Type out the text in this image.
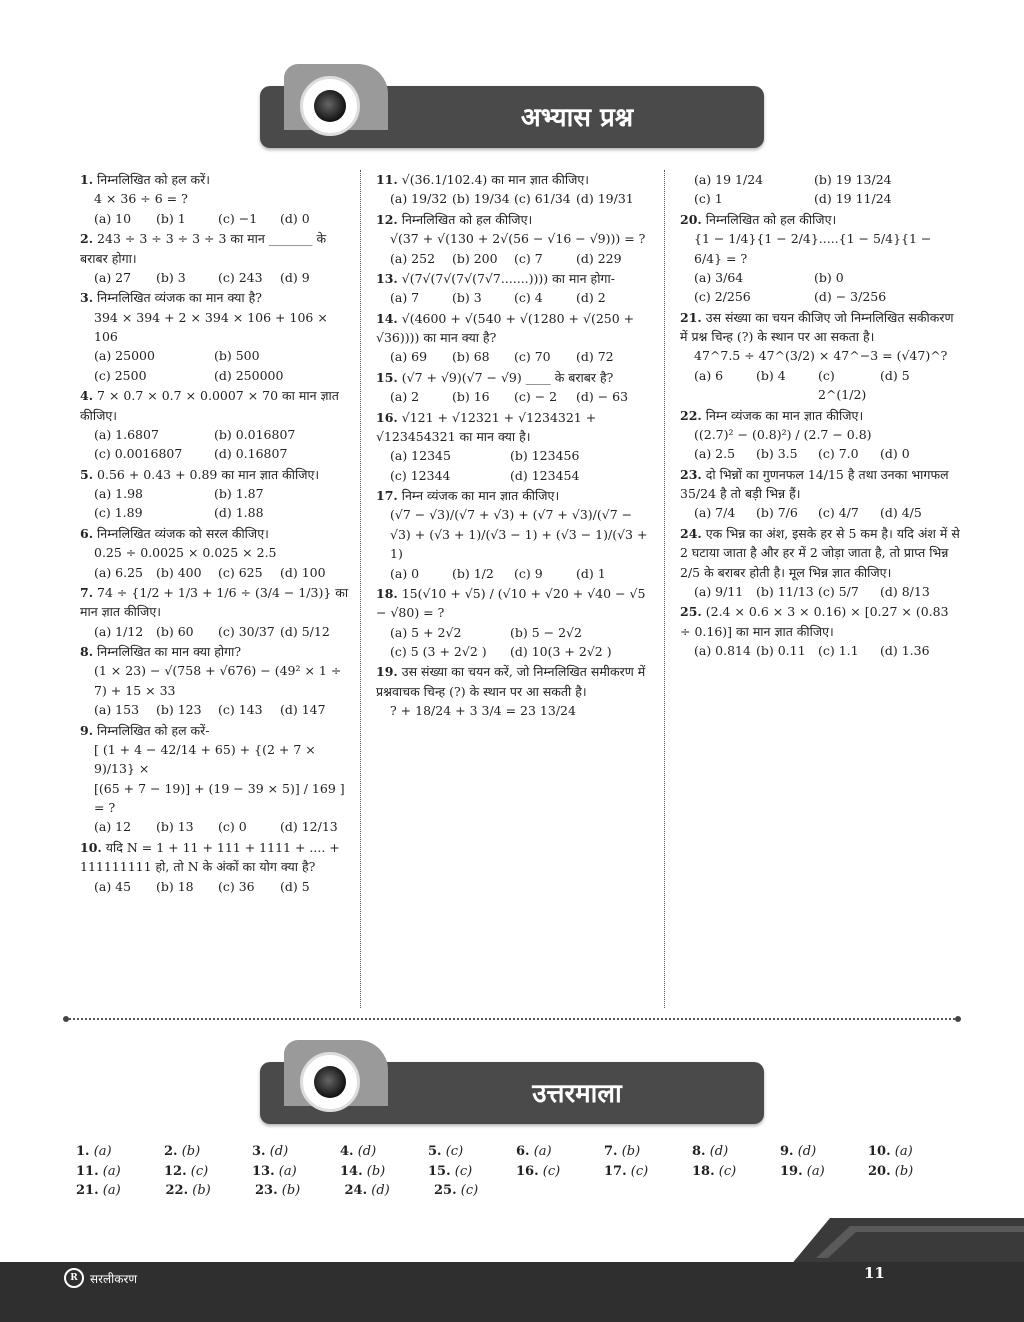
अभ्यास प्रश्न
1. निम्नलिखित को हल करें।
4 × 36 ÷ 6 = ?
(a) 10	(b) 1	(c) −1	(d) 0
2. 243 ÷ 3 ÷ 3 ÷ 3 ÷ 3 का मान _______ के बराबर होगा।
(a) 27	(b) 3	(c) 243	(d) 9
3. निम्नलिखित व्यंजक का मान क्या है?
394 × 394 + 2 × 394 × 106 + 106 × 106
(a) 25000	(b) 500
(c) 2500	(d) 250000
4. 7 × 0.7 × 0.7 × 0.0007 × 70 का मान ज्ञात कीजिए।
(a) 1.6807	(b) 0.016807
(c) 0.0016807	(d) 0.16807
5. 0.56 + 0.43 + 0.89 का मान ज्ञात कीजिए।
(a) 1.98	(b) 1.87
(c) 1.89	(d) 1.88
6. निम्नलिखित व्यंजक को सरल कीजिए।
0.25 ÷ 0.0025 × 0.025 × 2.5
(a) 6.25	(b) 400	(c) 625	(d) 100
7. 74 ÷ {1/2 + 1/3 + 1/6 ÷ (3/4 − 1/3)} का मान ज्ञात कीजिए।
(a) 1/12	(b) 60	(c) 30/37 (d) 5/12
8. निम्नलिखित का मान क्या होगा?
(1 × 23) − √(758 + √676) − (49² × 1 ÷ 7) + 15 × 33
(a) 153	(b) 123	(c) 143	(d) 147
9. निम्नलिखित को हल करें-
[ (1 + 4 − 42/14 + 65) + {(2 + 7 × 9)/13} ×
[(65 + 7 − 19)] + (19 − 39 × 5)] / 169 ] = ?
(a) 12	(b) 13	(c) 0	(d) 12/13
10. यदि N = 1 + 11 + 111 + 1111 + .... + 111111111 हो, तो N के अंकों का योग क्या है?
(a) 45	(b) 18	(c) 36	(d) 5
11. √(36.1/102.4) का मान ज्ञात कीजिए।
(a) 19/32 (b) 19/34 (c) 61/34 (d) 19/31
12. निम्नलिखित को हल कीजिए।
√(37 + √(130 + 2√(56 − √16 − √9))) = ?
(a) 252	(b) 200	(c) 7	(d) 229
13. √(7√(7√(7√(7√7.......)))) का मान होगा-
(a) 7	(b) 3	(c) 4	(d) 2
14. √(4600 + √(540 + √(1280 + √(250 + √36)))) का मान क्या है?
(a) 69	(b) 68	(c) 70	(d) 72
15. (√7 + √9)(√7 − √9) ____ के बराबर है?
(a) 2	(b) 16	(c) − 2	(d) − 63
16. √121 + √12321 + √1234321 + √123454321 का मान क्या है।
(a) 12345	(b) 123456
(c) 12344	(d) 123454
17. निम्न व्यंजक का मान ज्ञात कीजिए।
(√7 − √3)/(√7 + √3) + (√7 + √3)/(√7 − √3) + (√3 + 1)/(√3 − 1) + (√3 − 1)/(√3 + 1)
(a) 0	(b) 1/2	(c) 9	(d) 1
18. 15(√10 + √5) / (√10 + √20 + √40 − √5 − √80) = ?
(a) 5 + 2√2	(b) 5 − 2√2
(c) 5 (3 + 2√2 )	(d) 10(3 + 2√2 )
19. उस संख्या का चयन करें, जो निम्नलिखित समीकरण में प्रश्नवाचक चिन्ह (?) के स्थान पर आ सकती है।
? + 18/24 + 3 3/4 = 23 13/24
(a) 19 1/24	(b) 19 13/24
(c) 1	(d) 19 11/24
20. निम्नलिखित को हल कीजिए।
{1 − 1/4}{1 − 2/4}.....{1 − 5/4}{1 − 6/4} = ?
(a) 3/64	(b) 0
(c) 2/256	(d) − 3/256
21. उस संख्या का चयन कीजिए जो निम्नलिखित सकीकरण में प्रश्न चिन्ह (?) के स्थान पर आ सकता है।
47^7.5 ÷ 47^(3/2) × 47^−3 = (√47)^?
(a) 6	(b) 4	(c) 2^(1/2)
(d) 5
22. निम्न व्यंजक का मान ज्ञात कीजिए।
((2.7)² − (0.8)²) / (2.7 − 0.8)
(a) 2.5	(b) 3.5	(c) 7.0	(d) 0
23. दो भिन्नों का गुणनफल 14/15 है तथा उनका भागफल 35/24 है तो बड़ी भिन्न हैं।
(a) 7/4	(b) 7/6	(c) 4/7	(d) 4/5
24. एक भिन्न का अंश, इसके हर से 5 कम है। यदि अंश में से 2 घटाया जाता है और हर में 2 जोड़ा जाता है, तो प्राप्त भिन्न 2/5 के बराबर होती है। मूल भिन्न ज्ञात कीजिए।
(a) 9/11	(b) 11/13 (c) 5/7	(d) 8/13
25. (2.4 × 0.6 × 3 × 0.16) × [0.27 × (0.83 ÷ 0.16)] का मान ज्ञात कीजिए।
(a) 0.814 (b) 0.11 (c) 1.1	(d) 1.36
उत्तरमाला
1. (a)	2. (b)	3. (d)	4. (d)	5. (c)	6. (a)	7. (b)	8. (d)	9. (d)	10. (a)
11. (a)	12. (c)	13. (a)	14. (b)	15. (c)	16. (c)	17. (c)	18. (c)	19. (a)	20. (b)
21. (a)	22. (b)	23. (b)	24. (d)	25. (c)
R	सरलीकरण	11
